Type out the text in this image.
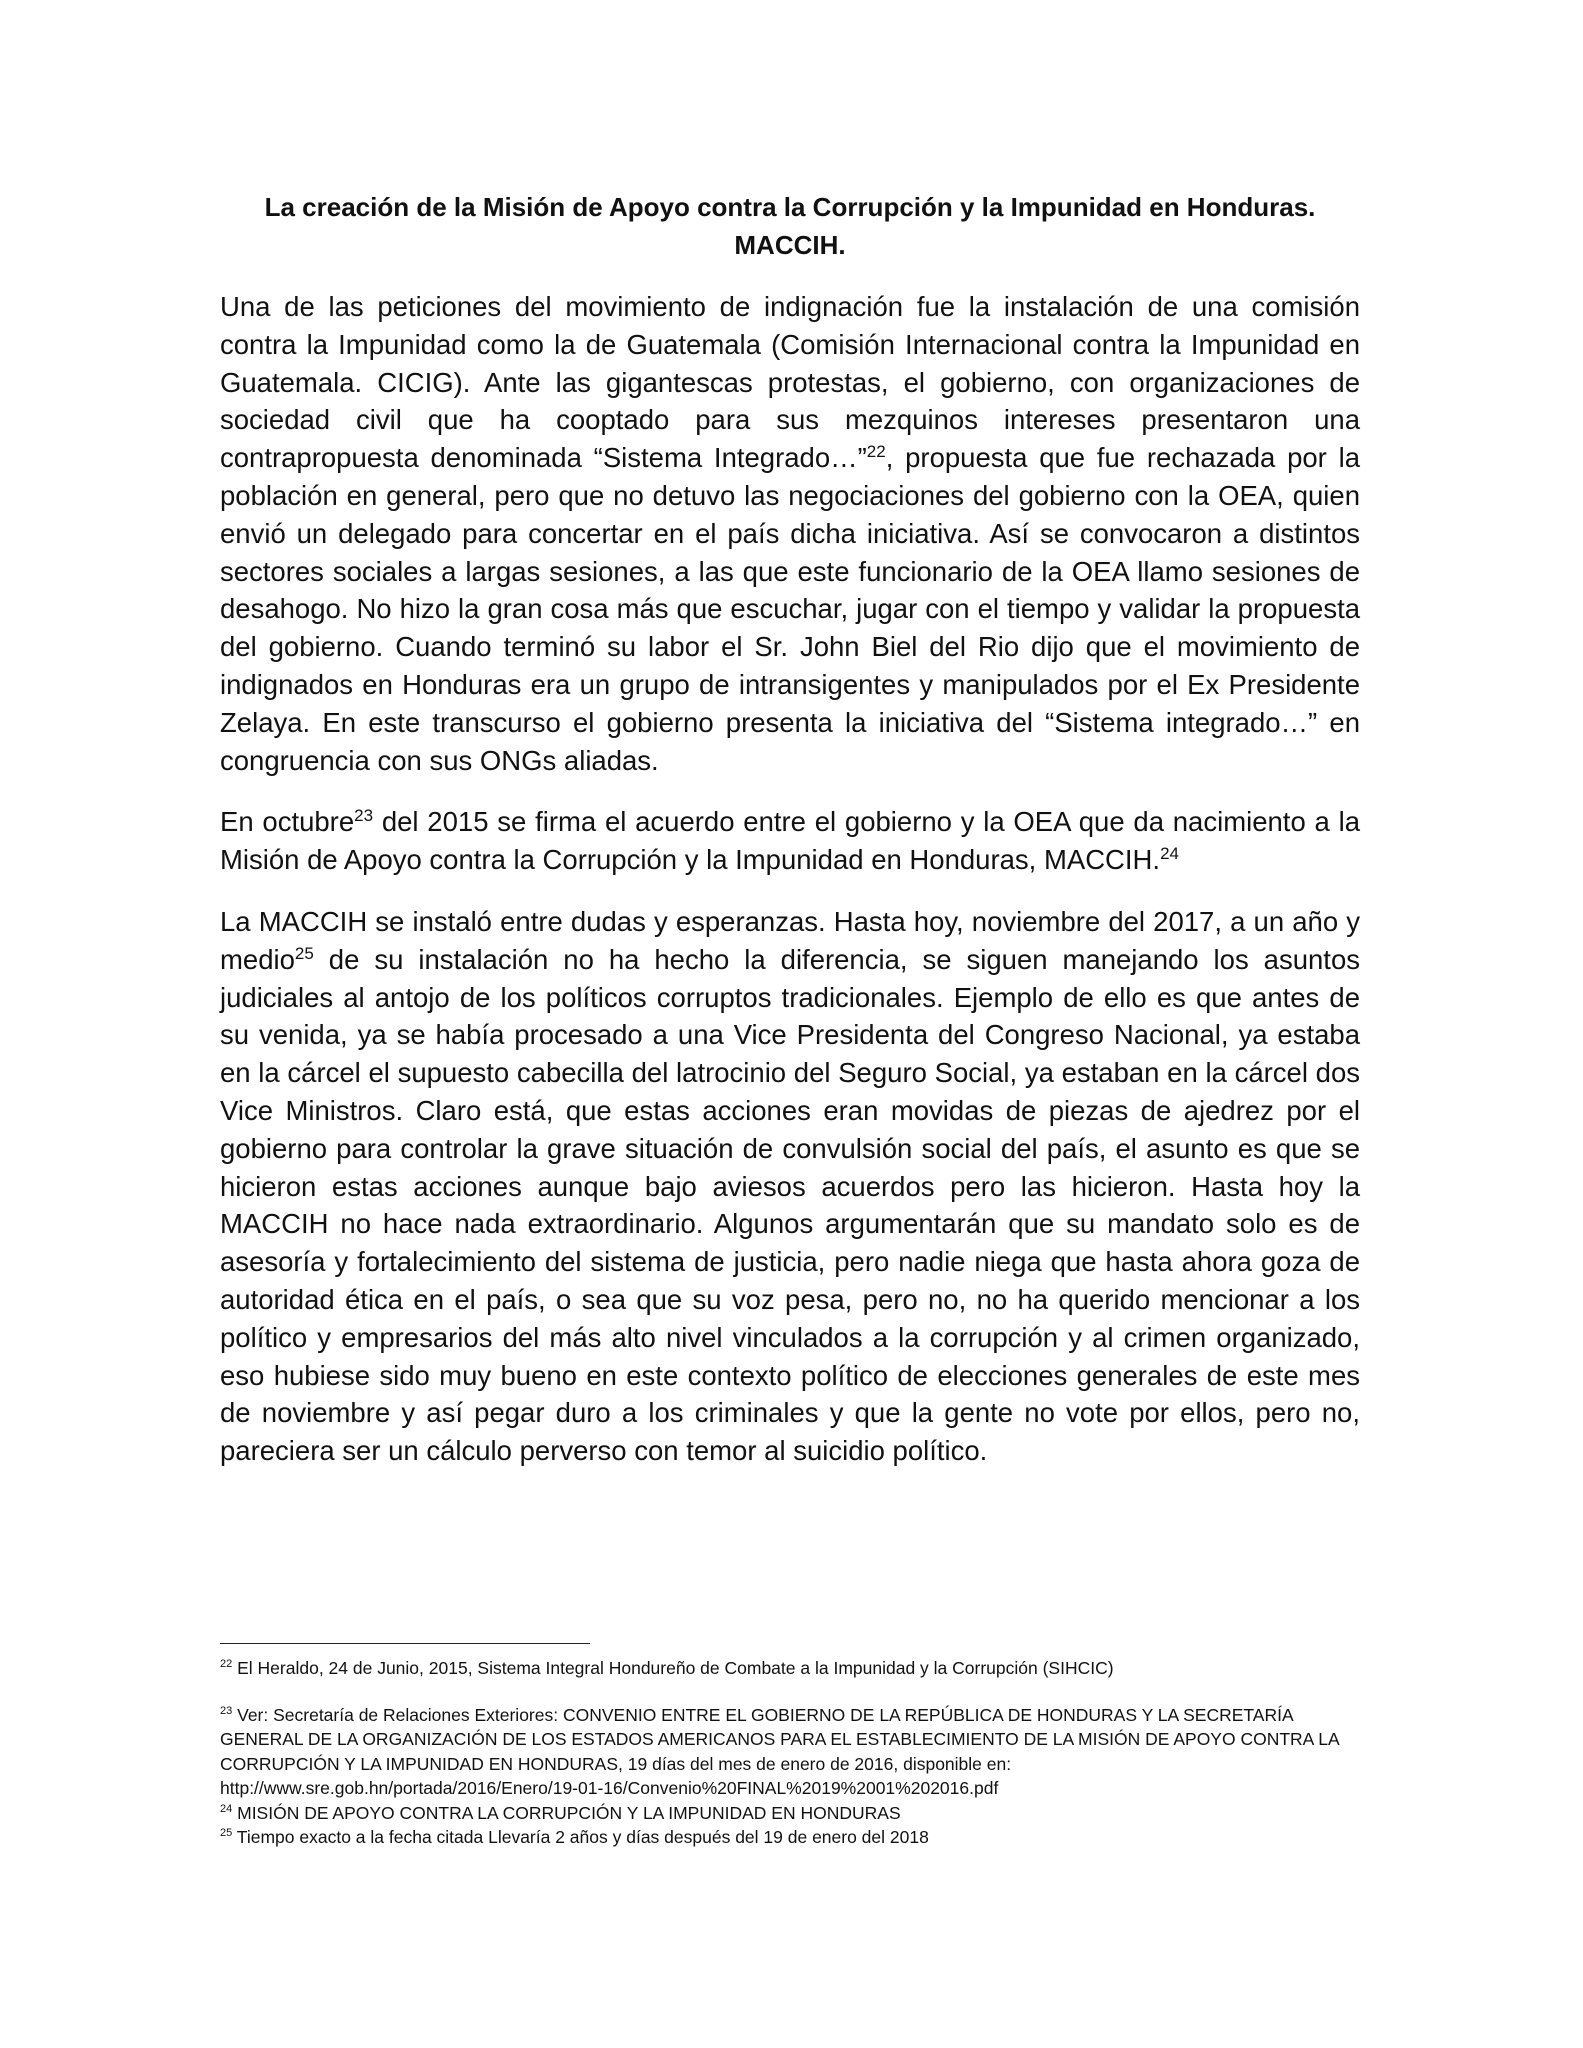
La creación de la Misión de Apoyo contra la Corrupción y la Impunidad en Honduras.
MACCIH.

Una de las peticiones del movimiento de indignación fue la instalación de una comisión contra la Impunidad como la de Guatemala (Comisión Internacional contra la Impunidad en Guatemala. CICIG). Ante las gigantescas protestas, el gobierno, con organizaciones de sociedad civil que ha cooptado para sus mezquinos intereses presentaron una contrapropuesta denominada “Sistema Integrado…”$^{22}$, propuesta que fue rechazada por la población en general, pero que no detuvo las negociaciones del gobierno con la OEA, quien envió un delegado para concertar en el país dicha iniciativa. Así se convocaron a distintos sectores sociales a largas sesiones, a las que este funcionario de la OEA llamo sesiones de desahogo. No hizo la gran cosa más que escuchar, jugar con el tiempo y validar la propuesta del gobierno. Cuando terminó su labor el Sr. John Biel del Rio dijo que el movimiento de indignados en Honduras era un grupo de intransigentes y manipulados por el Ex Presidente Zelaya. En este transcurso el gobierno presenta la iniciativa del “Sistema integrado…” en congruencia con sus ONGs aliadas.

En octubre$^{23}$ del 2015 se firma el acuerdo entre el gobierno y la OEA que da nacimiento a la Misión de Apoyo contra la Corrupción y la Impunidad en Honduras, MACCIH.$^{24}$

La MACCIH se instaló entre dudas y esperanzas. Hasta hoy, noviembre del 2017, a un año y medio$^{25}$ de su instalación no ha hecho la diferencia, se siguen manejando los asuntos judiciales al antojo de los políticos corruptos tradicionales. Ejemplo de ello es que antes de su venida, ya se había procesado a una Vice Presidenta del Congreso Nacional, ya estaba en la cárcel el supuesto cabecilla del latrocinio del Seguro Social, ya estaban en la cárcel dos Vice Ministros. Claro está, que estas acciones eran movidas de piezas de ajedrez por el gobierno para controlar la grave situación de convulsión social del país, el asunto es que se hicieron estas acciones aunque bajo aviesos acuerdos pero las hicieron. Hasta hoy la MACCIH no hace nada extraordinario. Algunos argumentarán que su mandato solo es de asesoría y fortalecimiento del sistema de justicia, pero nadie niega que hasta ahora goza de autoridad ética en el país, o sea que su voz pesa, pero no, no ha querido mencionar a los político y empresarios del más alto nivel vinculados a la corrupción y al crimen organizado, eso hubiese sido muy bueno en este contexto político de elecciones generales de este mes de noviembre y así pegar duro a los criminales y que la gente no vote por ellos, pero no, pareciera ser un cálculo perverso con temor al suicidio político.

$^{22}$ El Heraldo, 24 de Junio, 2015, Sistema Integral Hondureño de Combate a la Impunidad y la Corrupción (SIHCIC)

$^{23}$ Ver: Secretaría de Relaciones Exteriores: CONVENIO ENTRE EL GOBIERNO DE LA REPÚBLICA DE HONDURAS Y LA SECRETARÍA GENERAL DE LA ORGANIZACIÓN DE LOS ESTADOS AMERICANOS PARA EL ESTABLECIMIENTO DE LA MISIÓN DE APOYO CONTRA LA CORRUPCIÓN Y LA IMPUNIDAD EN HONDURAS, 19 días del mes de enero de 2016, disponible en: http://www.sre.gob.hn/portada/2016/Enero/19-01-16/Convenio%20FINAL%2019%2001%202016.pdf

$^{24}$ MISIÓN DE APOYO CONTRA LA CORRUPCIÓN Y LA IMPUNIDAD EN HONDURAS

$^{25}$ Tiempo exacto a la fecha citada Llevaría 2 años y días después del 19 de enero del 2018
